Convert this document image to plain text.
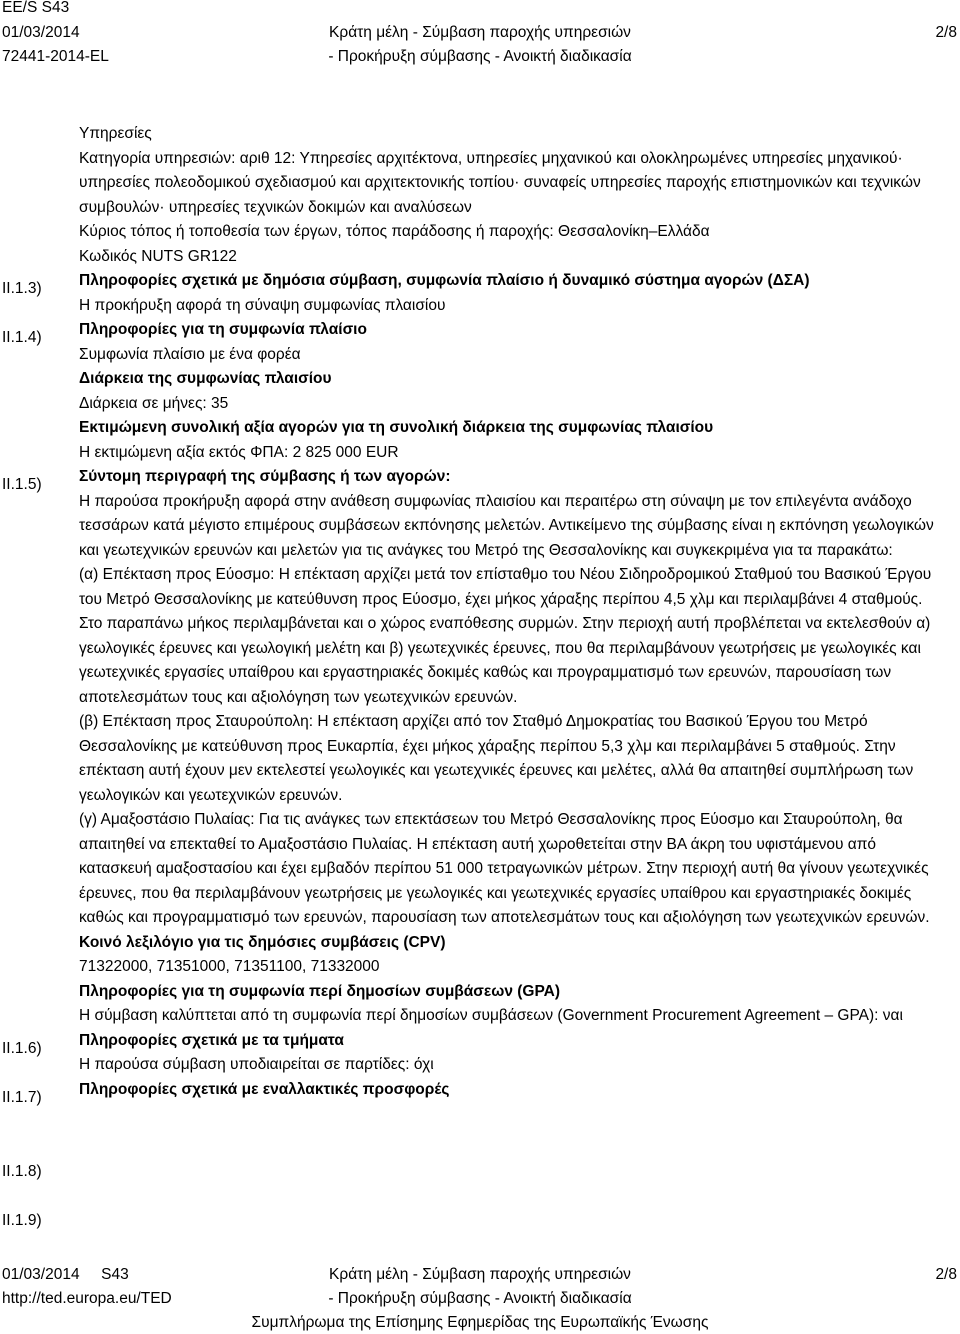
EE/S S43
01/03/2014
72441-2014-EL
Κράτη μέλη - Σύμβαση παροχής υπηρεσιών
- Προκήρυξη σύμβασης - Ανοικτή διαδικασία
2/8
II.1.3)
II.1.4)
II.1.5)
II.1.6)
II.1.7)
II.1.8)
II.1.9)

Υπηρεσίες

Κατηγορία υπηρεσιών: αριθ 12: Υπηρεσίες αρχιτέκτονα, υπηρεσίες μηχανικού και ολοκληρωμένες υπηρεσίες μηχανικού· υπηρεσίες πολεοδομικού σχεδιασμού και αρχιτεκτονικής τοπίου· συναφείς υπηρεσίες παροχής επιστημονικών και τεχνικών συμβουλών· υπηρεσίες τεχνικών δοκιμών και αναλύσεων

Κύριος τόπος ή τοποθεσία των έργων, τόπος παράδοσης ή παροχής: Θεσσαλονίκη–Ελλάδα

Κωδικός NUTS GR122

Πληροφορίες σχετικά με δημόσια σύμβαση, συμφωνία πλαίσιο ή δυναμικό σύστημα αγορών (ΔΣΑ)

Η προκήρυξη αφορά τη σύναψη συμφωνίας πλαισίου

Πληροφορίες για τη συμφωνία πλαίσιο

Συμφωνία πλαίσιο με ένα φορέα

Διάρκεια της συμφωνίας πλαισίου

Διάρκεια σε μήνες: 35

Εκτιμώμενη συνολική αξία αγορών για τη συνολική διάρκεια της συμφωνίας πλαισίου

Η εκτιμώμενη αξία εκτός ΦΠΑ: 2 825 000 EUR

Σύντομη περιγραφή της σύμβασης ή των αγορών:

Η παρούσα προκήρυξη αφορά στην ανάθεση συμφωνίας πλαισίου και περαιτέρω στη σύναψη με τον επιλεγέντα ανάδοχο τεσσάρων κατά μέγιστο επιμέρους συμβάσεων εκπόνησης μελετών. Αντικείμενο της σύμβασης είναι η εκπόνηση γεωλογικών και γεωτεχνικών ερευνών και μελετών για τις ανάγκες του Μετρό της Θεσσαλονίκης και συγκεκριμένα για τα παρακάτω:

(α) Επέκταση προς Εύοσμο: Η επέκταση αρχίζει μετά τον επίσταθμο του Νέου Σιδηροδρομικού Σταθμού του Βασικού Έργου του Μετρό Θεσσαλονίκης με κατεύθυνση προς Εύοσμο, έχει μήκος χάραξης περίπου 4,5 χλμ και περιλαμβάνει 4 σταθμούς. Στο παραπάνω μήκος περιλαμβάνεται και ο χώρος εναπόθεσης συρμών. Στην περιοχή αυτή προβλέπεται να εκτελεσθούν α) γεωλογικές έρευνες και γεωλογική μελέτη και β) γεωτεχνικές έρευνες, που θα περιλαμβάνουν γεωτρήσεις με γεωλογικές και γεωτεχνικές εργασίες υπαίθρου και εργαστηριακές δοκιμές καθώς και προγραμματισμό των ερευνών, παρουσίαση των αποτελεσμάτων τους και αξιολόγηση των γεωτεχνικών ερευνών.

(β) Επέκταση προς Σταυρούπολη: Η επέκταση αρχίζει από τον Σταθμό Δημοκρατίας του Βασικού Έργου του Μετρό Θεσσαλονίκης με κατεύθυνση προς Ευκαρπία, έχει μήκος χάραξης περίπου 5,3 χλμ και περιλαμβάνει 5 σταθμούς. Στην επέκταση αυτή έχουν μεν εκτελεστεί γεωλογικές και γεωτεχνικές έρευνες και μελέτες, αλλά θα απαιτηθεί συμπλήρωση των γεωλογικών και γεωτεχνικών ερευνών.

(γ) Αμαξοστάσιο Πυλαίας: Για τις ανάγκες των επεκτάσεων του Μετρό Θεσσαλονίκης προς Εύοσμο και Σταυρούπολη, θα απαιτηθεί να επεκταθεί το Αμαξοστάσιο Πυλαίας. Η επέκταση αυτή χωροθετείται στην ΒΑ άκρη του υφιστάμενου από κατασκευή αμαξοστασίου και έχει εμβαδόν περίπου 51 000 τετραγωνικών μέτρων. Στην περιοχή αυτή θα γίνουν γεωτεχνικές έρευνες, που θα περιλαμβάνουν γεωτρήσεις με γεωλογικές και γεωτεχνικές εργασίες υπαίθρου και εργαστηριακές δοκιμές καθώς και προγραμματισμό των ερευνών, παρουσίαση των αποτελεσμάτων τους και αξιολόγηση των γεωτεχνικών ερευνών.

Κοινό λεξιλόγιο για τις δημόσιες συμβάσεις (CPV)

71322000, 71351000, 71351100, 71332000

Πληροφορίες για τη συμφωνία περί δημοσίων συμβάσεων (GPA)

Η σύμβαση καλύπτεται από τη συμφωνία περί δημοσίων συμβάσεων (Government Procurement Agreement – GPA): ναι

Πληροφορίες σχετικά με τα τμήματα

Η παρούσα σύμβαση υποδιαιρείται σε παρτίδες: όχι

Πληροφορίες σχετικά με εναλλακτικές προσφορές

01/03/2014     S43
http://ted.europa.eu/TED
Κράτη μέλη - Σύμβαση παροχής υπηρεσιών
- Προκήρυξη σύμβασης - Ανοικτή διαδικασία
Συμπλήρωμα της Επίσημης Εφημερίδας της Ευρωπαϊκής Ένωσης
2/8
